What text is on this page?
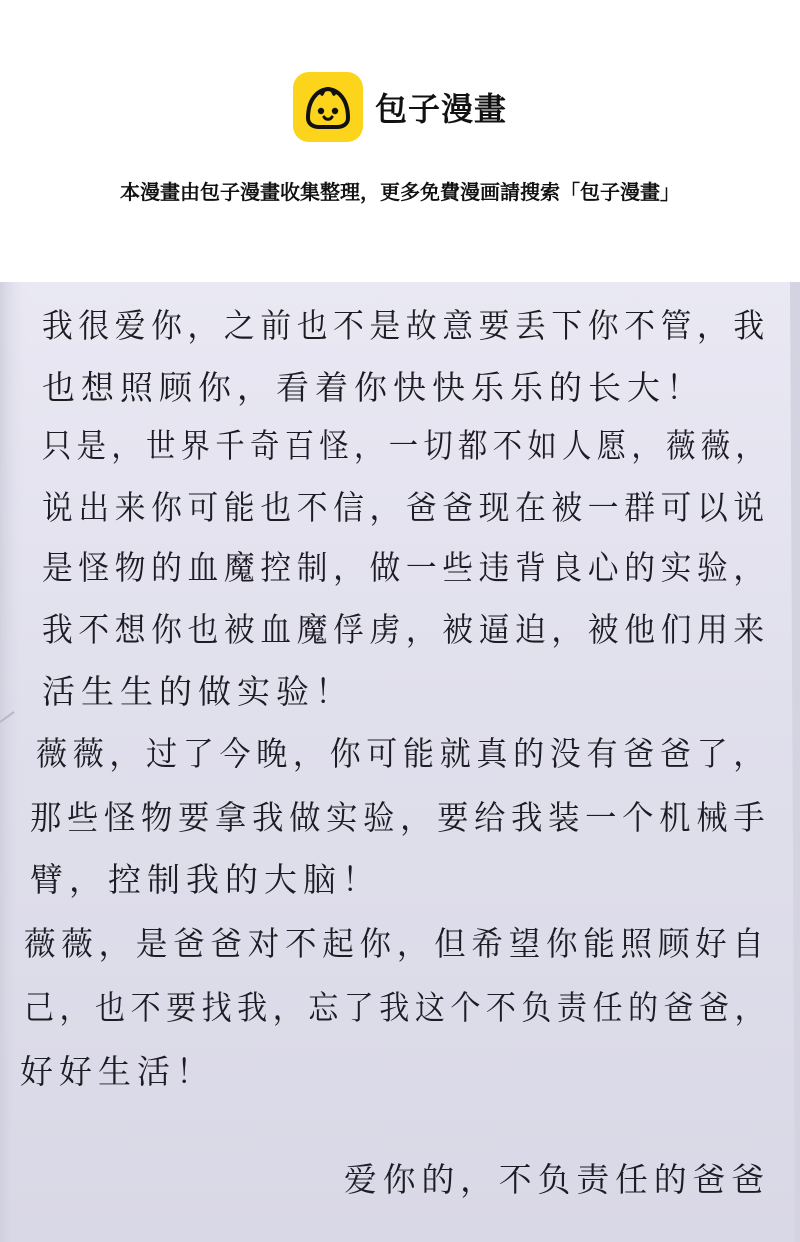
包子漫畫
本漫畫由包子漫畫收集整理，更多免費漫画請搜索「包子漫畫」
我很爱你，之前也不是故意要丢下你不管，我
也想照顾你，看着你快快乐乐的长大！
只是，世界千奇百怪，一切都不如人愿，薇薇，
说出来你可能也不信，爸爸现在被一群可以说
是怪物的血魔控制，做一些违背良心的实验，
我不想你也被血魔俘虏，被逼迫，被他们用来
活生生的做实验！
薇薇，过了今晚，你可能就真的没有爸爸了，
那些怪物要拿我做实验，要给我装一个机械手
臂，控制我的大脑！
薇薇，是爸爸对不起你，但希望你能照顾好自
己，也不要找我，忘了我这个不负责任的爸爸，
好好生活！
爱你的，不负责任的爸爸
